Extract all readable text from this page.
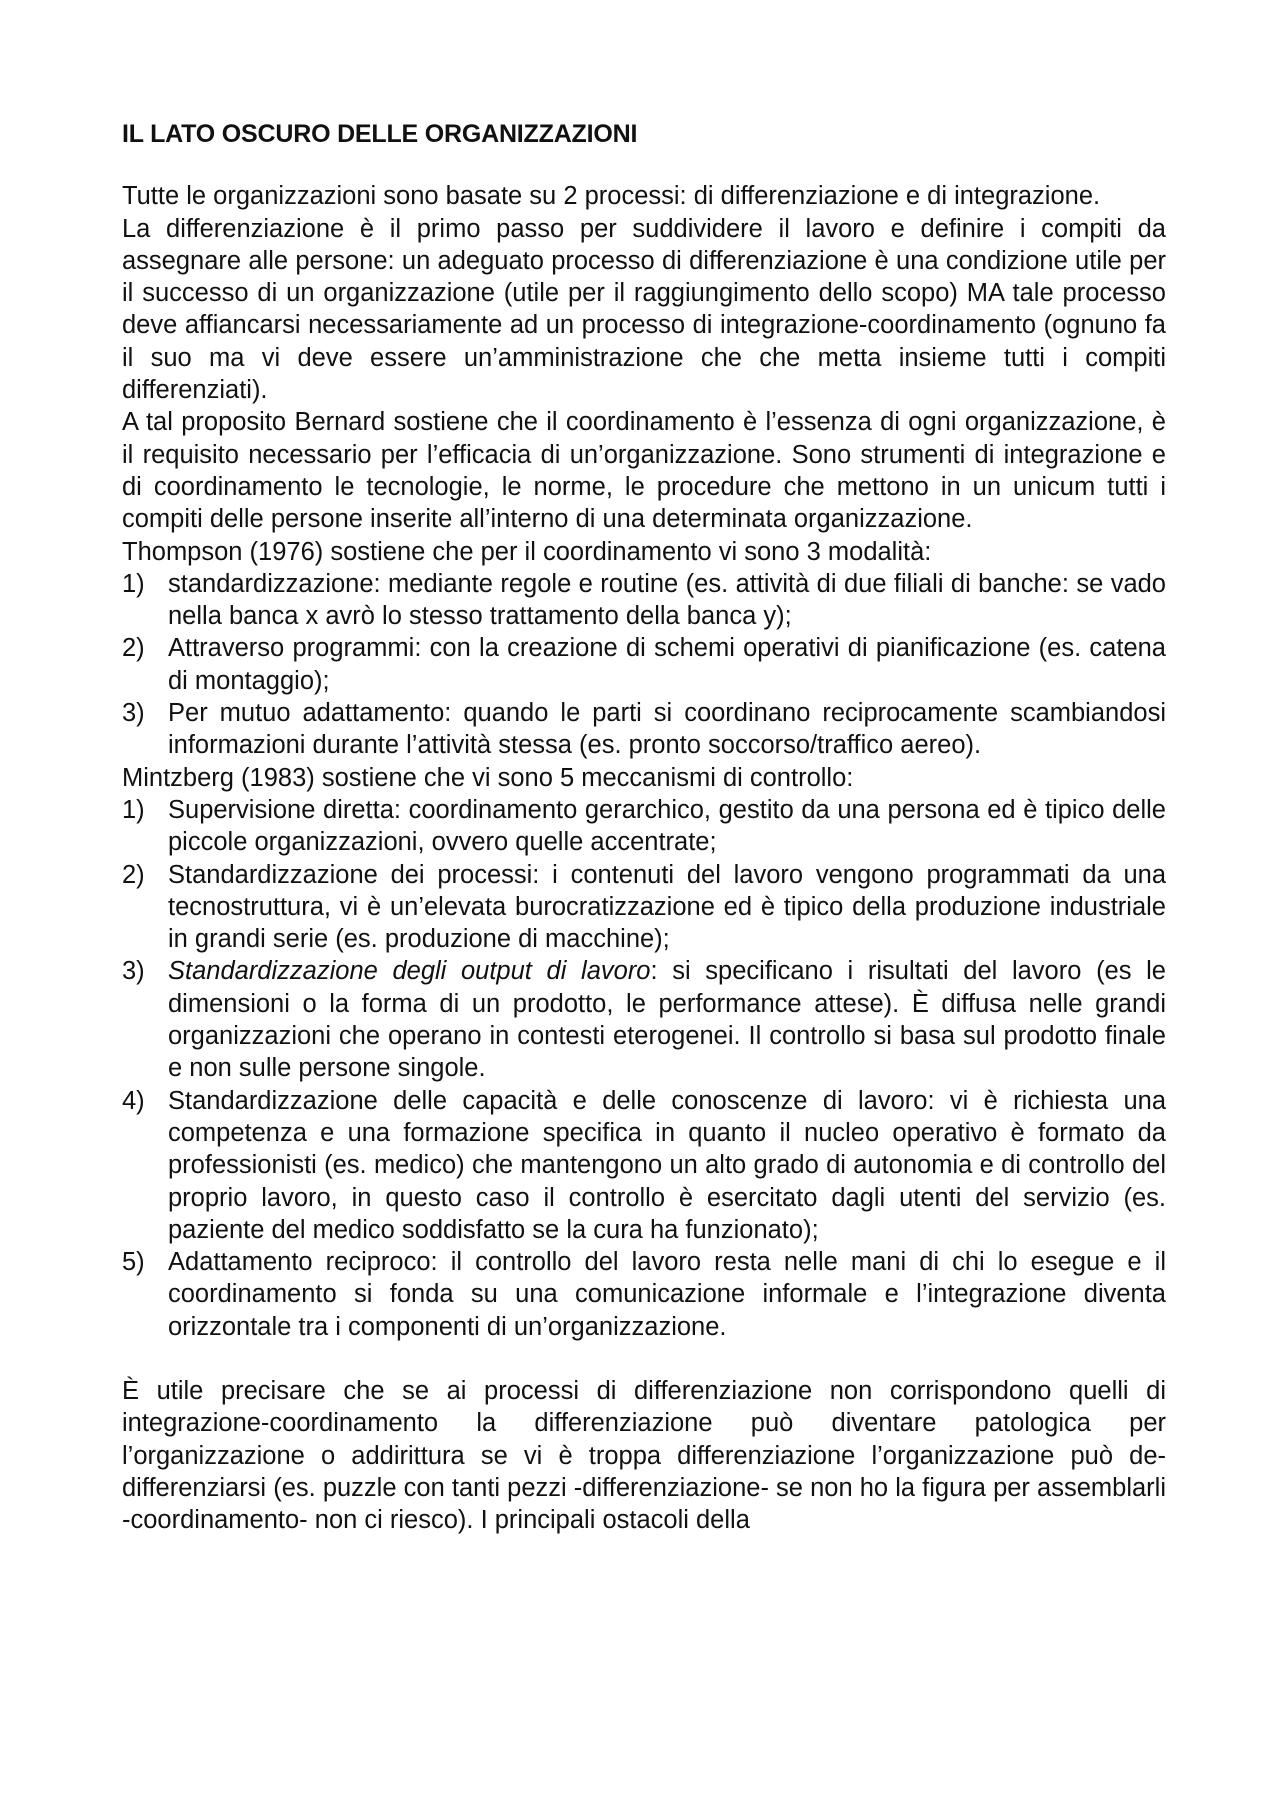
IL LATO OSCURO DELLE ORGANIZZAZIONI

Tutte le organizzazioni sono basate su 2 processi: di differenziazione e di integrazione.

La differenziazione è il primo passo per suddividere il lavoro e definire i compiti da assegnare alle persone: un adeguato processo di differenziazione è una condizione utile per il successo di un organizzazione (utile per il raggiungimento dello scopo) MA tale processo deve affiancarsi necessariamente ad un processo di integrazione-coordinamento (ognuno fa il suo ma vi deve essere un’amministrazione che che metta insieme tutti i compiti differenziati).

A tal proposito Bernard sostiene che il coordinamento è l’essenza di ogni organizzazione, è il requisito necessario per l’efficacia di un’organizzazione. Sono strumenti di integrazione e di coordinamento le tecnologie, le norme, le procedure che mettono in un unicum tutti i compiti delle persone inserite all’interno di una determinata organizzazione.

Thompson (1976) sostiene che per il coordinamento vi sono 3 modalità:

1) standardizzazione: mediante regole e routine (es. attività di due filiali di banche: se vado nella banca x avrò lo stesso trattamento della banca y);
2) Attraverso programmi: con la creazione di schemi operativi di pianificazione (es. catena di montaggio);
3) Per mutuo adattamento: quando le parti si coordinano reciprocamente scambiandosi informazioni durante l’attività stessa (es. pronto soccorso/traffico aereo).

Mintzberg (1983) sostiene che vi sono 5 meccanismi di controllo:

1) Supervisione diretta: coordinamento gerarchico, gestito da una persona ed è tipico delle piccole organizzazioni, ovvero quelle accentrate;
2) Standardizzazione dei processi: i contenuti del lavoro vengono programmati da una tecnostruttura, vi è un’elevata burocratizzazione ed è tipico della produzione industriale in grandi serie (es. produzione di macchine);
3) Standardizzazione degli output di lavoro: si specificano i risultati del lavoro (es le dimensioni o la forma di un prodotto, le performance attese). È diffusa nelle grandi organizzazioni che operano in contesti eterogenei. Il controllo si basa sul prodotto finale e non sulle persone singole.
4) Standardizzazione delle capacità e delle conoscenze di lavoro: vi è richiesta una competenza e una formazione specifica in quanto il nucleo operativo è formato da professionisti (es. medico) che mantengono un alto grado di autonomia e di controllo del proprio lavoro, in questo caso il controllo è esercitato dagli utenti del servizio (es. paziente del medico soddisfatto se la cura ha funzionato);
5) Adattamento reciproco: il controllo del lavoro resta nelle mani di chi lo esegue e il coordinamento si fonda su una comunicazione informale e l’integrazione diventa orizzontale tra i componenti di un’organizzazione.

È utile precisare che se ai processi di differenziazione non corrispondono quelli di integrazione-coordinamento la differenziazione può diventare patologica per l’organizzazione o addirittura se vi è troppa differenziazione l’organizzazione può de-differenziarsi (es. puzzle con tanti pezzi -differenziazione- se non ho la figura per assemblarli -coordinamento- non ci riesco). I principali ostacoli della
